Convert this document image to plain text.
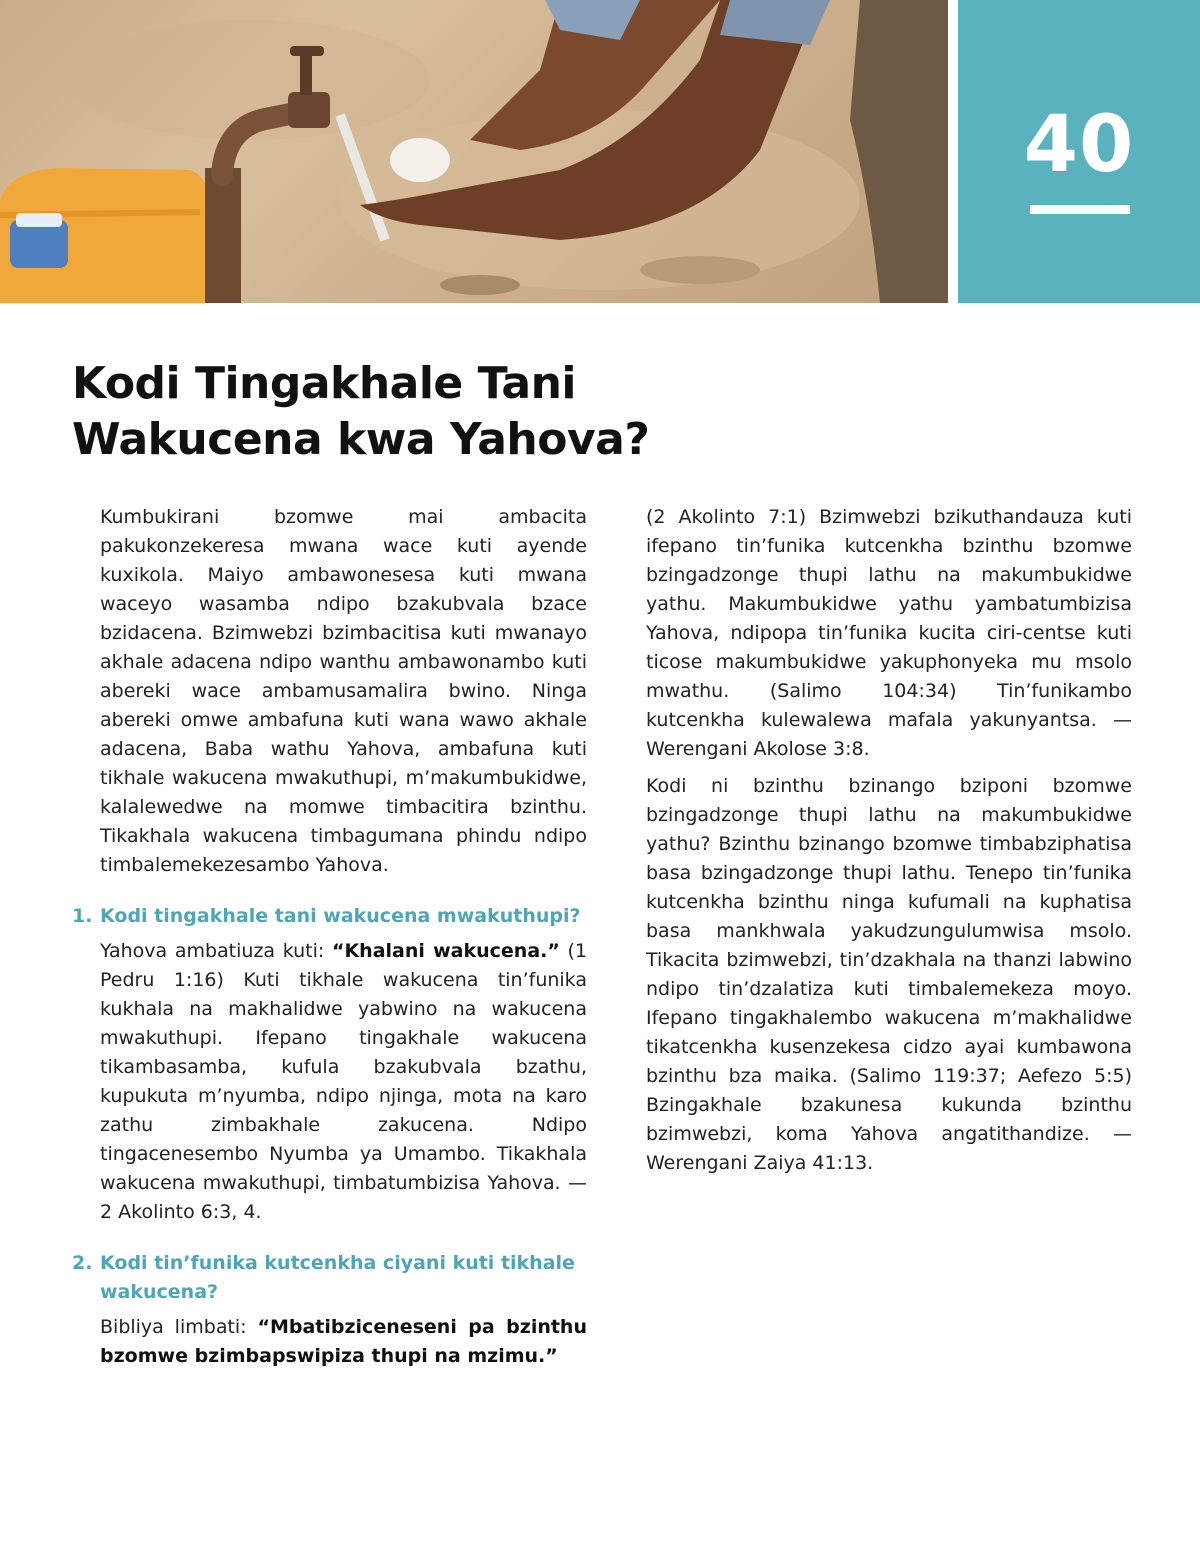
40
Kodi Tingakhale Tani
Wakucena kwa Yahova?

Kumbukirani bzomwe mai ambacita pakukonzekeresa mwana wace kuti ayende kuxikola. Maiyo ambawonesesa kuti mwana waceyo wasamba ndipo bzakubvala bzace bzidacena. Bzimwebzi bzimbacitisa kuti mwanayo akhale adacena ndipo wanthu ambawonambo kuti abereki wace ambamusamalira bwino. Ninga abereki omwe ambafuna kuti wana wawo akhale adacena, Baba wathu Yahova, ambafuna kuti tikhale wakucena mwakuthupi, m’makumbukidwe, kalalewedwe na momwe timbacitira bzinthu. Tikakhala wakucena timbagumana phindu ndipo timbalemekezesambo Yahova.

1. Kodi tingakhale tani wakucena mwakuthupi?

Yahova ambatiuza kuti: “Khalani wakucena.” (1 Pedru 1:16) Kuti tikhale wakucena tin’funika kukhala na makhalidwe yabwino na wakucena mwakuthupi. Ifepano tingakhale wakucena tikambasamba, kufula bzakubvala bzathu, kupukuta m’nyumba, ndipo njinga, mota na karo zathu zimbakhale zakucena. Ndipo tingacenesembo Nyumba ya Umambo. Tikakhala wakucena mwakuthupi, timbatumbizisa Yahova. — 2 Akolinto 6:3, 4.

2. Kodi tin’funika kutcenkha ciyani kuti tikhale wakucena?

Bibliya limbati: “Mbatibzicenesenі pa bzinthu bzomwe bzimbapswipiza thupi na mzimu.”

(2 Akolinto 7:1) Bzimwebzi bzikuthandauza kuti ifepano tin’funika kutcenkha bzinthu bzomwe bzingadzonge thupi lathu na makumbukidwe yathu. Makumbukidwe yathu yambatumbizisa Yahova, ndipopa tin’funika kucita ciri-centse kuti ticose makumbukidwe yakuphonyeka mu msolo mwathu. (Salimo 104:34) Tin’funikambo kutcenkha kulewalewa mafala yakunyantsa. — Werengani Akolose 3:8.

Kodi ni bzinthu bzinango bziponi bzomwe bzingadzonge thupi lathu na makumbukidwe yathu? Bzinthu bzinango bzomwe timbabziphatisa basa bzingadzonge thupi lathu. Tenepo tin’funika kutcenkha bzinthu ninga kufumali na kuphatisa basa mankhwala yakudzungulumwisa msolo. Tikacita bzimwebzi, tin’dzakhala na thanzi labwino ndipo tin’dzalatiza kuti timbalemekeza moyo. Ifepano tingakhalembo wakucena m’makhalidwe tikatcenkha kusenzekesa cidzo ayai kumbawona bzinthu bza maika. (Salimo 119:37; Aefezo 5:5) Bzingakhale bzakunesa kukunda bzinthu bzimwebzi, koma Yahova angatithandize. — Werengani Zaiya 41:13.
